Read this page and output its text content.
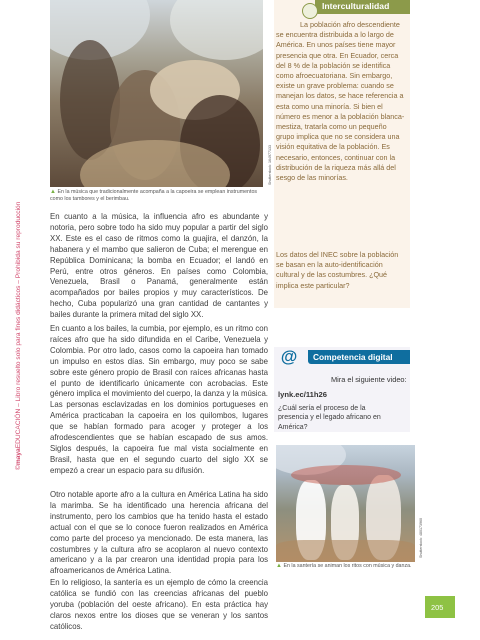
©mayaEDUCACIÓN – Libro resuelto solo para fines didácticos – Prohibida su reproducción
Shutterstock: 164977133
▲ En la música que tradicionalmente acompaña a la capoeira se emplean instrumentos como los tambores y el berimbau.
En cuanto a la música, la influencia afro es abundante y notoria, pero sobre todo ha sido muy popular a partir del siglo XX. Este es el caso de ritmos como la guajira, el danzón, la habanera y el mambo que salieron de Cuba; el merengue en República Dominicana; la bomba en Ecuador; el landó en Perú, entre otros géneros. En países como Colombia, Venezuela, Brasil o Panamá, generalmente están acompañados por bailes propios y muy característicos. De hecho, Cuba popularizó una gran cantidad de cantantes y bailes durante la primera mitad del siglo XX.
En cuanto a los bailes, la cumbia, por ejemplo, es un ritmo con raíces afro que ha sido difundida en el Caribe, Venezuela y Colombia. Por otro lado, casos como la capoeira han tomado un impulso en estos días. Sin embargo, muy poco se sabe sobre este género propio de Brasil con raíces africanas hasta el punto de identificarlo únicamente con acrobacias. Este género implica el movimiento del cuerpo, la danza y la música. Las personas esclavizadas en los dominios portugueses en América practicaban la capoeira en los quilombos, lugares que se habían formado para acoger y proteger a los afrodescendientes que se habían escapado de sus amos. Siglos después, la capoeira fue mal vista socialmente en Brasil, hasta que en el segundo cuarto del siglo XX se empezó a crear un espacio para su difusión.
Otro notable aporte afro a la cultura en América Latina ha sido la marimba. Se ha identificado una herencia africana del instrumento, pero los cambios que ha tenido hasta el estado actual con el que se lo conoce fueron realizados en América como parte del proceso ya mencionado. De esta manera, las costumbres y la cultura afro se acoplaron al nuevo contexto americano y a la par crearon una identidad propia para los afroamericanos de América Latina.
En lo religioso, la santería es un ejemplo de cómo la creencia católica se fundió con las creencias africanas del pueblo yoruba (población del oeste africano). En esta práctica hay claros nexos entre los dioses que se veneran y los santos católicos.
Interculturalidad
La población afro descendiente se encuentra distribuida a lo largo de América. En unos países tiene mayor presencia que otra. En Ecuador, cerca del 8 % de la población se identifica como afroecuatoriana. Sin embargo, existe un grave problema: cuando se manejan los datos, se hace referencia a esta como una minoría. Si bien el número es menor a la población blanca-mestiza, tratarla como un pequeño grupo implica que no se considera una visión equitativa de la población. Es necesario, entonces, continuar con la distribución de la riqueza más allá del sesgo de las minorías.
Los datos del INEC sobre la población se basan en la auto-identificación cultural y de las costumbres. ¿Qué implica este particular?
@ Competencia digital
Mira el siguiente video:
lynk.ec/11h26
¿Cuál sería el proceso de la presencia y el legado africano en América?
Shutterstock: 480173960
▲ En la santería se animan los ritos con música y danza.
205
